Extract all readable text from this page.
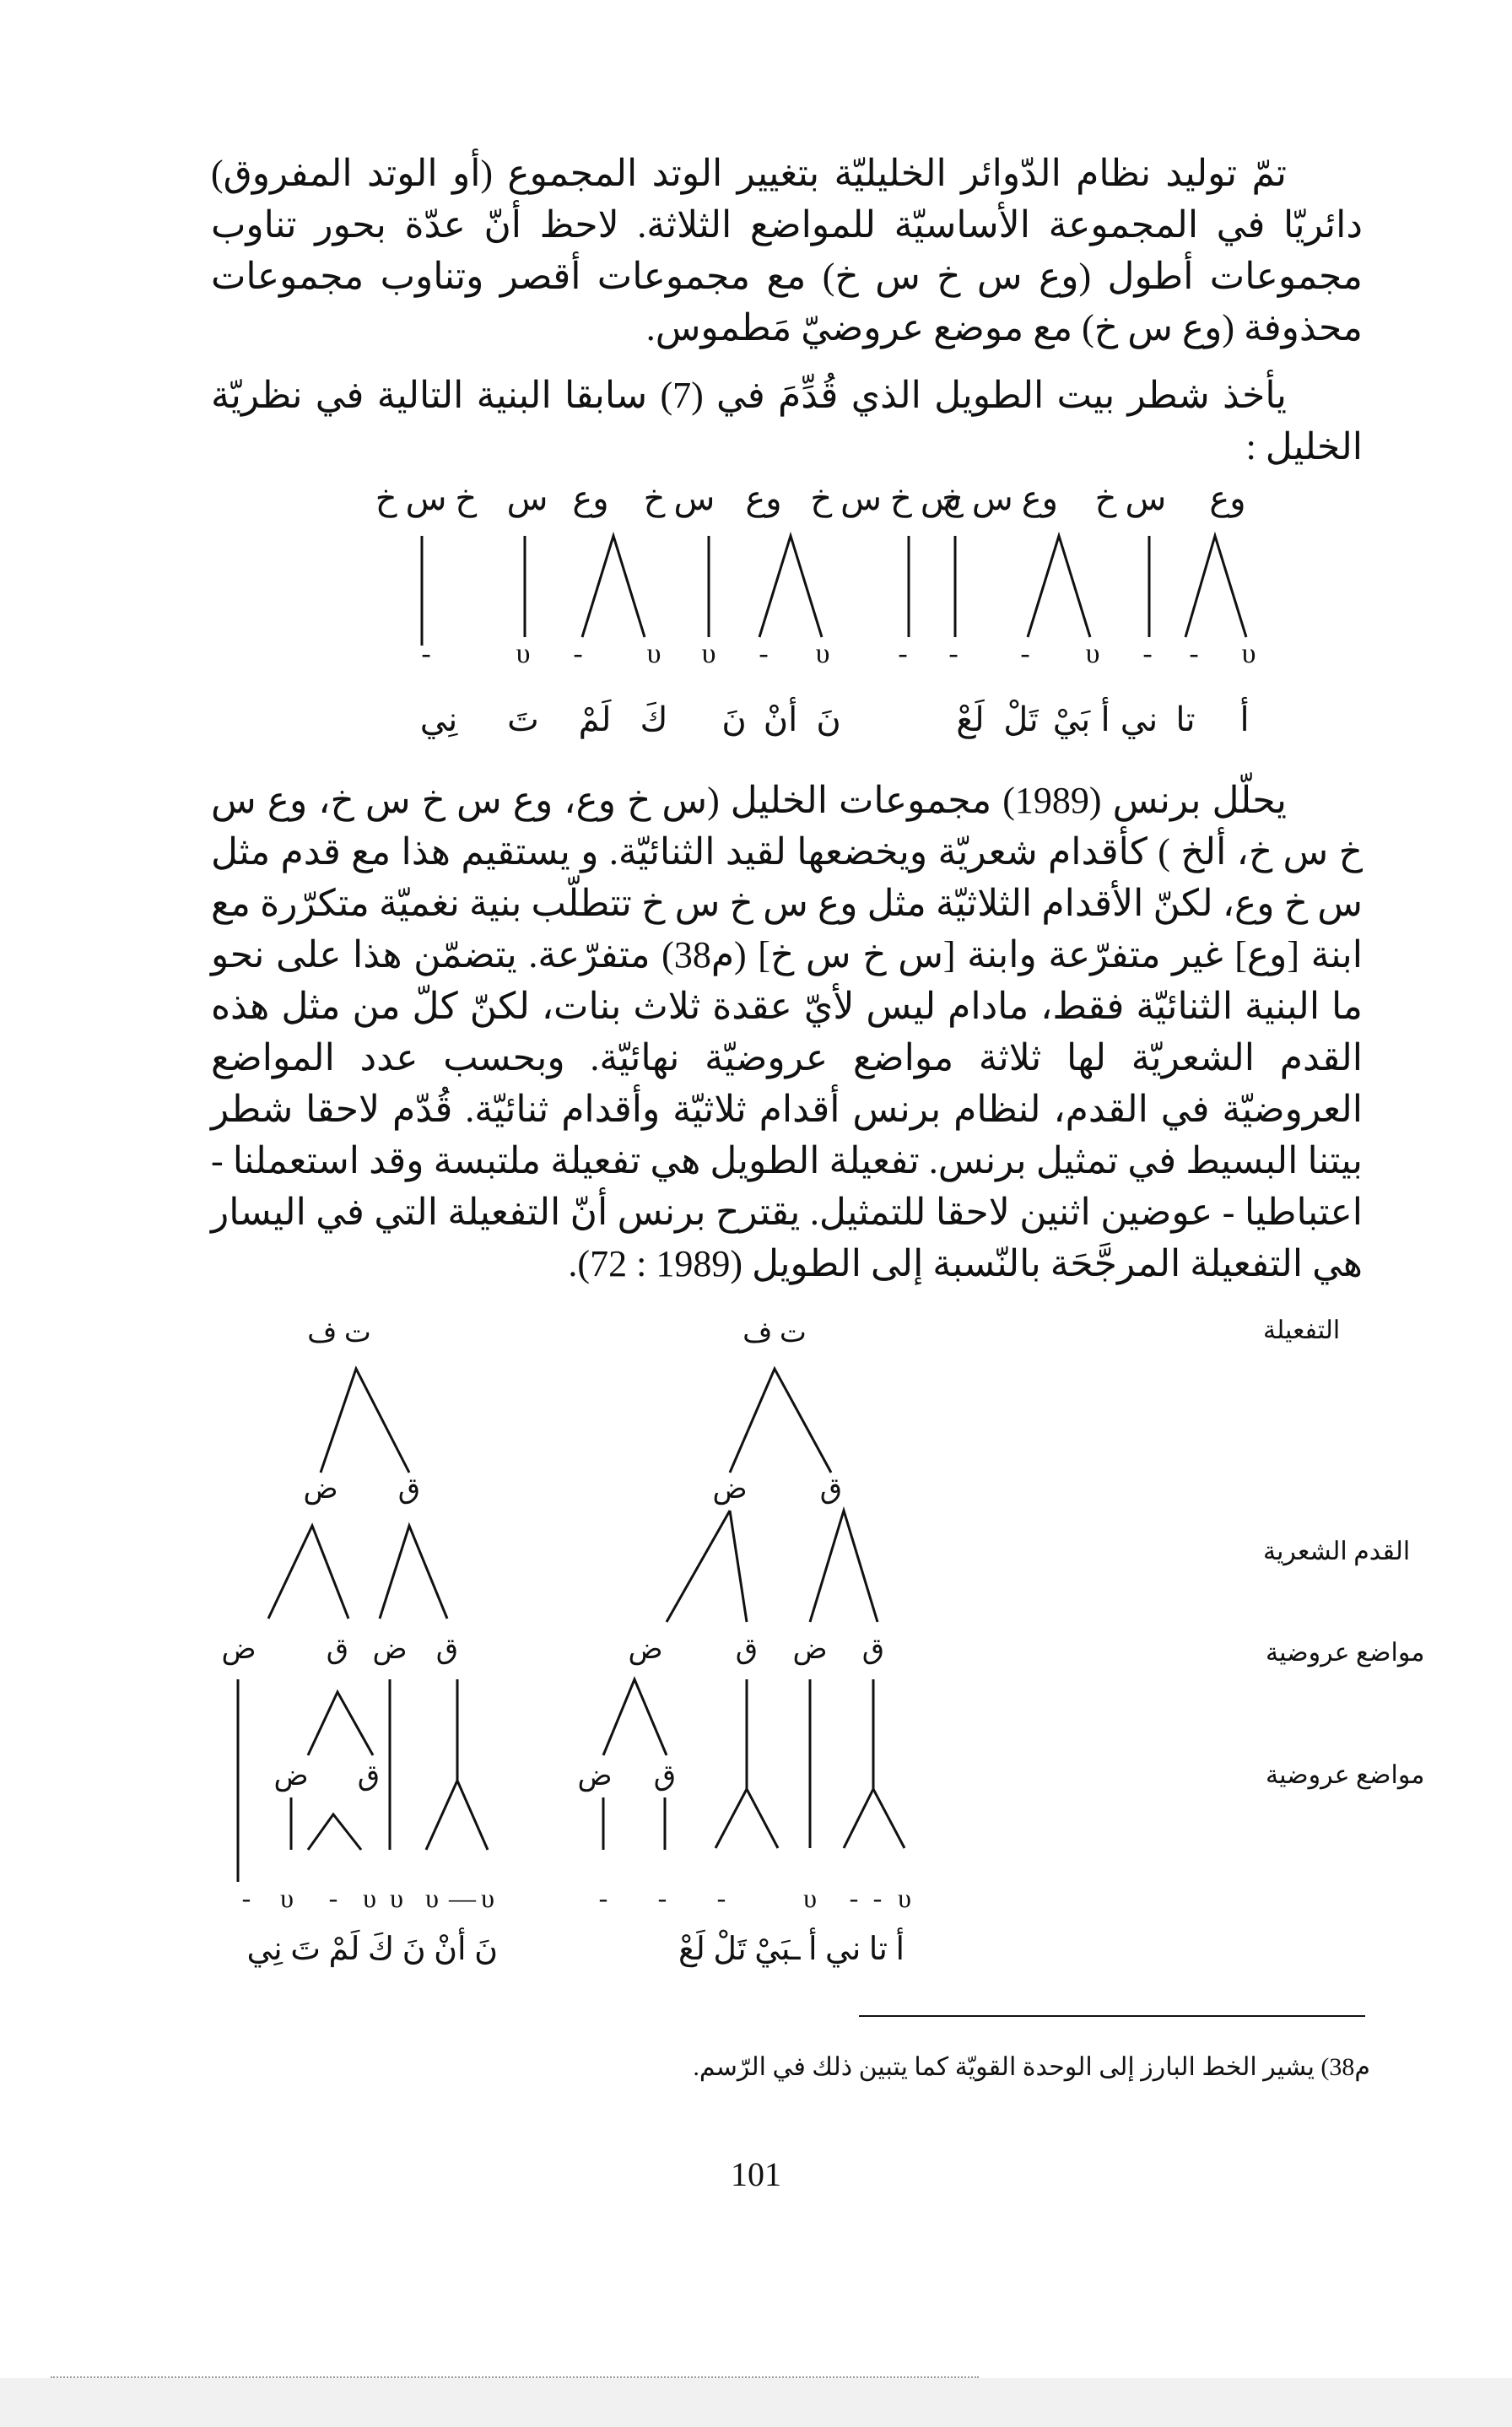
تمّ توليد نظام الدّوائر الخليليّة بتغيير الوتد المجموع (أو الوتد المفروق) دائريّا في المجموعة الأساسيّة للمواضع الثلاثة. لاحظ أنّ عدّة بحور تناوب مجموعات أطول (وع س خ س خ) مع مجموعات أقصر وتناوب مجموعات محذوفة (وع س خ) مع موضع عروضيّ مَطموس.

يأخذ شطر بيت الطويل الذي قُدِّمَ في (7) سابقا البنية التالية في نظريّة الخليل :

وع
س خ
وع س خ
س خ س خ
وع
س خ
وع
س
خ س خ
υ
-
-
υ
-
-
-
υ
-
υ
υ
-
υ
-
أ
تا
ني
أ
بَيْ
تَلْ
لَعْ
نَ
أنْ
نَ
كَ
لَمْ
تَ
نِي

يحلّل برنس (1989) مجموعات الخليل (س خ وع، وع س خ س خ، وع س خ س خ، ألخ ) كأقدام شعريّة ويخضعها لقيد الثنائيّة. و يستقيم هذا مع قدم مثل س خ وع، لكنّ الأقدام الثلاثيّة مثل وع س خ س خ تتطلّب بنية نغميّة متكرّرة مع ابنة [وع] غير متفرّعة وابنة [س خ س خ] (م38) متفرّعة. يتضمّن هذا على نحو ما البنية الثنائيّة فقط، مادام ليس لأيّ عقدة ثلاث بنات، لكنّ كلّ من مثل هذه القدم الشعريّة لها ثلاثة مواضع عروضيّة نهائيّة. وبحسب عدد المواضع العروضيّة في القدم، لنظام برنس أقدام ثلاثيّة وأقدام ثنائيّة. قُدّم لاحقا شطر بيتنا البسيط في تمثيل برنس. تفعيلة الطويل هي تفعيلة ملتبسة وقد استعملنا - اعتباطيا - عوضين اثنين لاحقا للتمثيل. يقترح برنس أنّ التفعيلة التي في اليسار هي التفعيلة المرجَّحَة بالنّسبة إلى الطويل (1989 : 72).

التفعيلة
القدم الشعرية
مواضع عروضية
مواضع عروضية
ت ف
ق
ض
ق
ض
ق
ض
ق
ض
υ
-
-
υ
-
-
-
أ تا ني أ ـبَيْ تَلْ لَعْ
ت ف
ق
ض
ق
ض
ق
ض
ق
ض
υ
—
υ
υ
υ
-
υ
-
نَ أنْ نَ كَ لَمْ تَ نِي
م38) يشير الخط البارز إلى الوحدة القويّة كما يتبين ذلك في الرّسم.
101
